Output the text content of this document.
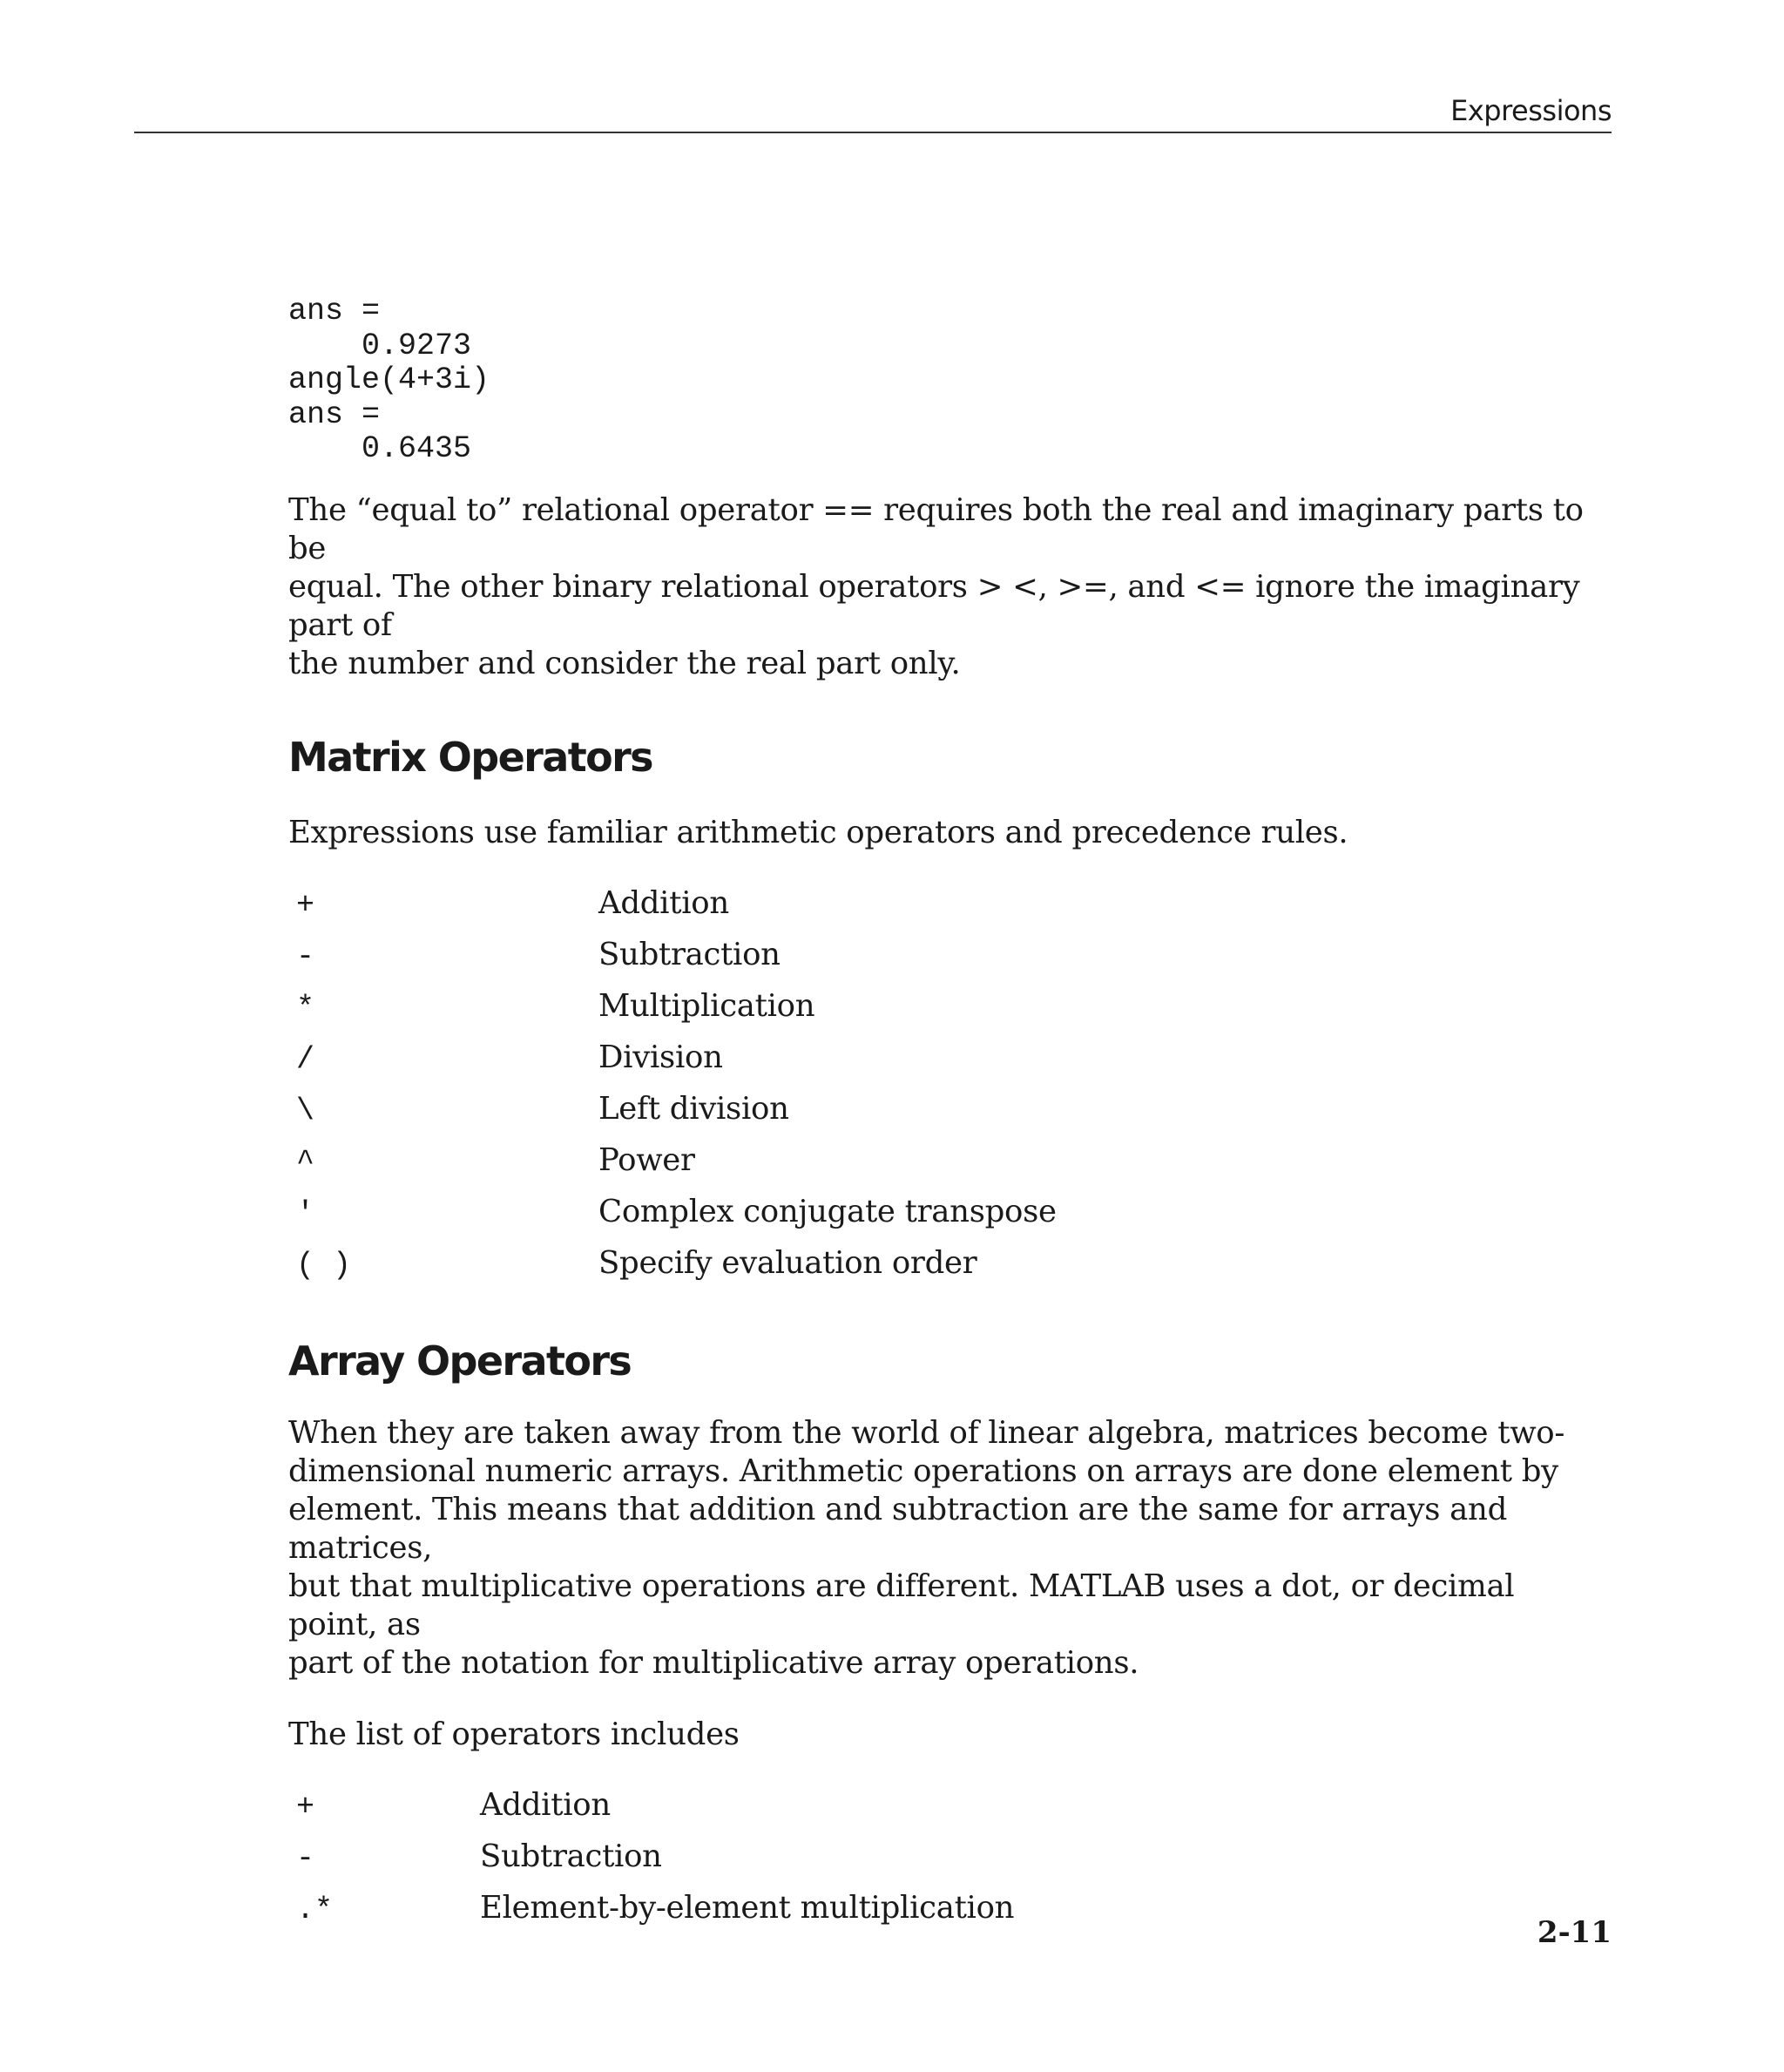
Expressions
ans =
0.9273
angle(4+3i)
ans =
0.6435

The “equal to” relational operator == requires both the real and imaginary parts to be
equal. The other binary relational operators > <, >=, and <= ignore the imaginary part of
the number and consider the real part only.

Matrix Operators

Expressions use familiar arithmetic operators and precedence rules.

+	Addition
-	Subtraction
*	Multiplication
/	Division
\	Left division
^	Power
'	Complex conjugate transpose
( )	Specify evaluation order
Array Operators

When they are taken away from the world of linear algebra, matrices become two-
dimensional numeric arrays. Arithmetic operations on arrays are done element by
element. This means that addition and subtraction are the same for arrays and matrices,
but that multiplicative operations are different. MATLAB uses a dot, or decimal point, as
part of the notation for multiplicative array operations.

The list of operators includes

+	Addition
-	Subtraction
.*	Element-by-element multiplication
2-11
